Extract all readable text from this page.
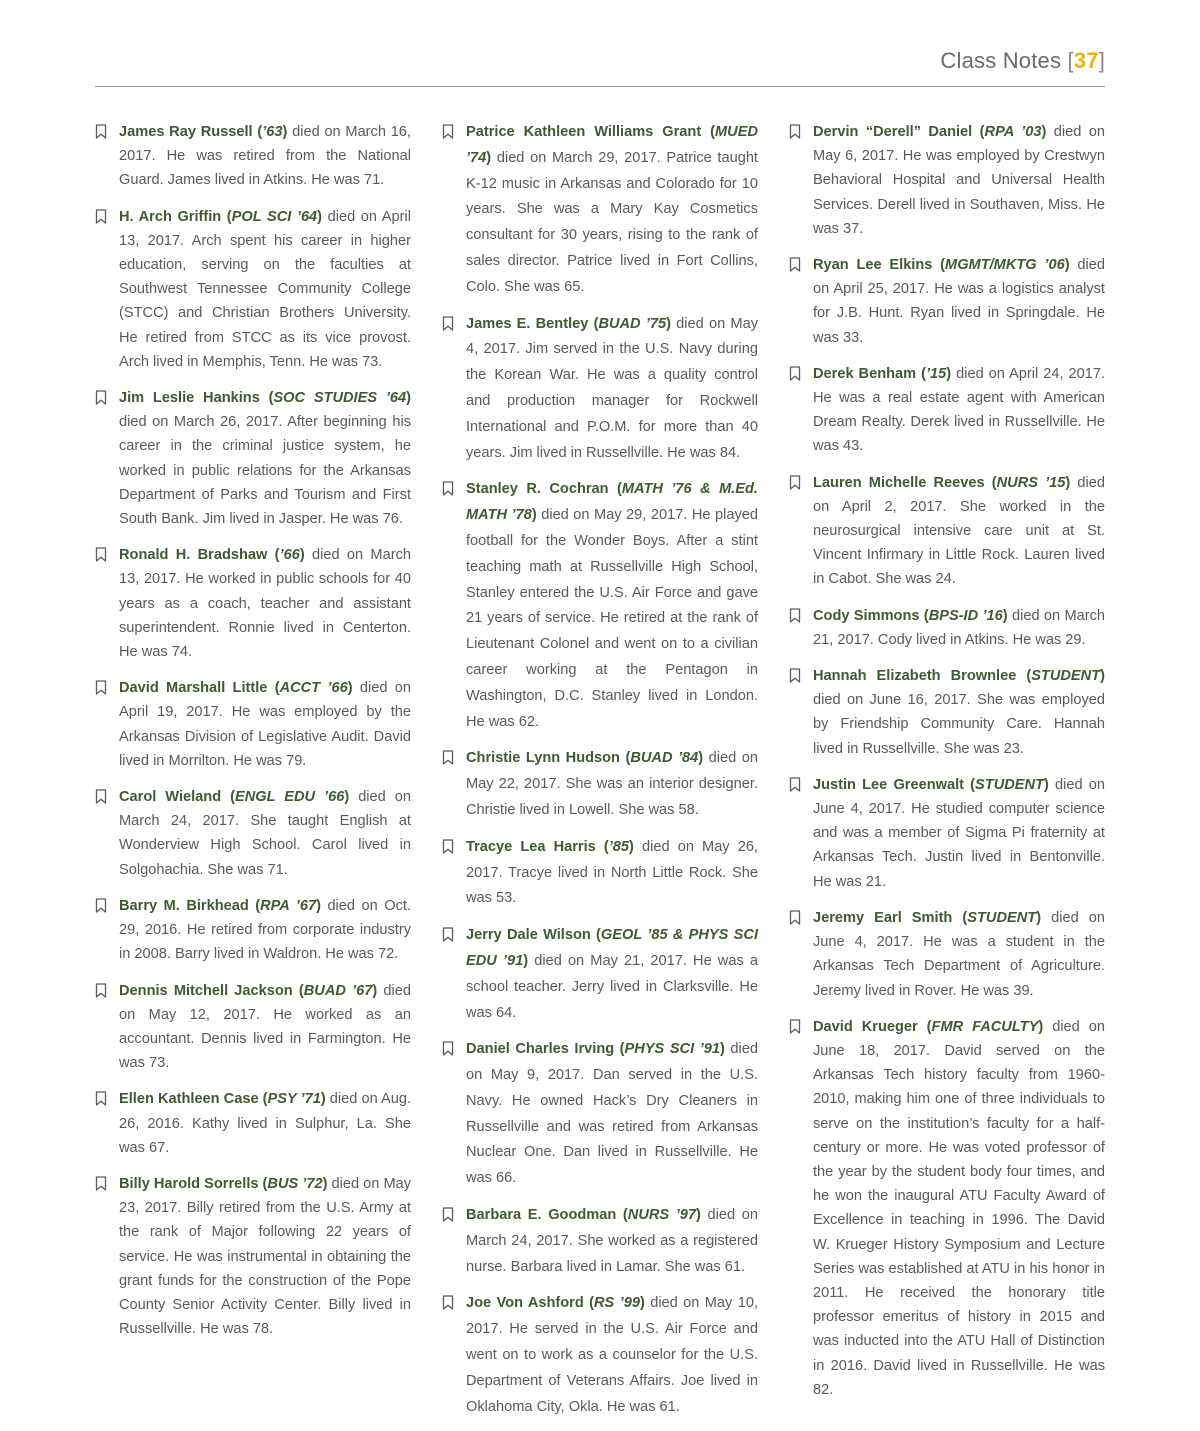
Class Notes [37]

James Ray Russell (’63) died on March 16, 2017. He was retired from the National Guard. James lived in Atkins. He was 71.

H. Arch Griffin (POL SCI ’64) died on April 13, 2017. Arch spent his career in higher education, serving on the faculties at Southwest Tennessee Community College (STCC) and Christian Brothers University. He retired from STCC as its vice provost. Arch lived in Memphis, Tenn. He was 73.

Jim Leslie Hankins (SOC STUDIES ’64) died on March 26, 2017. After beginning his career in the criminal justice system, he worked in public relations for the Arkansas Department of Parks and Tourism and First South Bank. Jim lived in Jasper. He was 76.

Ronald H. Bradshaw (’66) died on March 13, 2017. He worked in public schools for 40 years as a coach, teacher and assistant superintendent. Ronnie lived in Centerton. He was 74.

David Marshall Little (ACCT ’66) died on April 19, 2017. He was employed by the Arkansas Division of Legislative Audit. David lived in Morrilton. He was 79.

Carol Wieland (ENGL EDU ’66) died on March 24, 2017. She taught English at Wonderview High School. Carol lived in Solgohachia. She was 71.

Barry M. Birkhead (RPA ’67) died on Oct. 29, 2016. He retired from corporate industry in 2008. Barry lived in Waldron. He was 72.

Dennis Mitchell Jackson (BUAD ’67) died on May 12, 2017. He worked as an accountant. Dennis lived in Farmington. He was 73.

Ellen Kathleen Case (PSY ’71) died on Aug. 26, 2016. Kathy lived in Sulphur, La. She was 67.

Billy Harold Sorrells (BUS ’72) died on May 23, 2017. Billy retired from the U.S. Army at the rank of Major following 22 years of service. He was instrumental in obtaining the grant funds for the construction of the Pope County Senior Activity Center. Billy lived in Russellville. He was 78.

Patrice Kathleen Williams Grant (MUED ’74) died on March 29, 2017. Patrice taught K-12 music in Arkansas and Colorado for 10 years. She was a Mary Kay Cosmetics consultant for 30 years, rising to the rank of sales director. Patrice lived in Fort Collins, Colo. She was 65.

James E. Bentley (BUAD ’75) died on May 4, 2017. Jim served in the U.S. Navy during the Korean War. He was a quality control and production manager for Rockwell International and P.O.M. for more than 40 years. Jim lived in Russellville. He was 84.

Stanley R. Cochran (MATH ’76 & M.Ed. MATH ’78) died on May 29, 2017. He played football for the Wonder Boys. After a stint teaching math at Russellville High School, Stanley entered the U.S. Air Force and gave 21 years of service. He retired at the rank of Lieutenant Colonel and went on to a civilian career working at the Pentagon in Washington, D.C. Stanley lived in London. He was 62.

Christie Lynn Hudson (BUAD ’84) died on May 22, 2017. She was an interior designer. Christie lived in Lowell. She was 58.

Tracye Lea Harris (’85) died on May 26, 2017. Tracye lived in North Little Rock. She was 53.

Jerry Dale Wilson (GEOL ’85 & PHYS SCI EDU ’91) died on May 21, 2017. He was a school teacher. Jerry lived in Clarksville. He was 64.

Daniel Charles Irving (PHYS SCI ’91) died on May 9, 2017. Dan served in the U.S. Navy. He owned Hack’s Dry Cleaners in Russellville and was retired from Arkansas Nuclear One. Dan lived in Russellville. He was 66.

Barbara E. Goodman (NURS ’97) died on March 24, 2017. She worked as a registered nurse. Barbara lived in Lamar. She was 61.

Joe Von Ashford (RS ’99) died on May 10, 2017. He served in the U.S. Air Force and went on to work as a counselor for the U.S. Department of Veterans Affairs. Joe lived in Oklahoma City, Okla. He was 61.

Dervin “Derell” Daniel (RPA ’03) died on May 6, 2017. He was employed by Crestwyn Behavioral Hospital and Universal Health Services. Derell lived in Southaven, Miss. He was 37.

Ryan Lee Elkins (MGMT/MKTG ’06) died on April 25, 2017. He was a logistics analyst for J.B. Hunt. Ryan lived in Springdale. He was 33.

Derek Benham (’15) died on April 24, 2017. He was a real estate agent with American Dream Realty. Derek lived in Russellville. He was 43.

Lauren Michelle Reeves (NURS ’15) died on April 2, 2017. She worked in the neurosurgical intensive care unit at St. Vincent Infirmary in Little Rock. Lauren lived in Cabot. She was 24.

Cody Simmons (BPS-ID ’16) died on March 21, 2017. Cody lived in Atkins. He was 29.

Hannah Elizabeth Brownlee (STUDENT) died on June 16, 2017. She was employed by Friendship Community Care. Hannah lived in Russellville. She was 23.

Justin Lee Greenwalt (STUDENT) died on June 4, 2017. He studied computer science and was a member of Sigma Pi fraternity at Arkansas Tech. Justin lived in Bentonville. He was 21.

Jeremy Earl Smith (STUDENT) died on June 4, 2017. He was a student in the Arkansas Tech Department of Agriculture. Jeremy lived in Rover. He was 39.

David Krueger (FMR FACULTY) died on June 18, 2017. David served on the Arkansas Tech history faculty from 1960-2010, making him one of three individuals to serve on the institution’s faculty for a half-century or more. He was voted professor of the year by the student body four times, and he won the inaugural ATU Faculty Award of Excellence in teaching in 1996. The David W. Krueger History Symposium and Lecture Series was established at ATU in his honor in 2011. He received the honorary title professor emeritus of history in 2015 and was inducted into the ATU Hall of Distinction in 2016. David lived in Russellville. He was 82.
